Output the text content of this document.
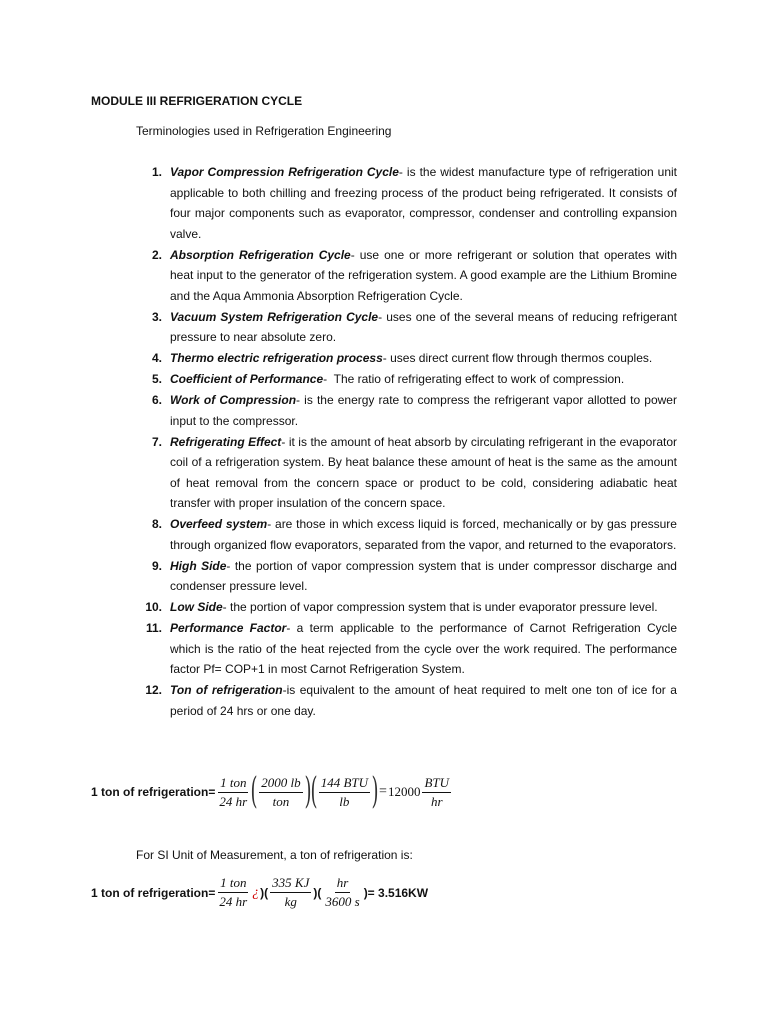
MODULE III REFRIGERATION CYCLE
Terminologies used in Refrigeration Engineering
1. Vapor Compression Refrigeration Cycle- is the widest manufacture type of refrigeration unit applicable to both chilling and freezing process of the product being refrigerated. It consists of four major components such as evaporator, compressor, condenser and controlling expansion valve.
2. Absorption Refrigeration Cycle- use one or more refrigerant or solution that operates with heat input to the generator of the refrigeration system. A good example are the Lithium Bromine and the Aqua Ammonia Absorption Refrigeration Cycle.
3. Vacuum System Refrigeration Cycle- uses one of the several means of reducing refrigerant pressure to near absolute zero.
4. Thermo electric refrigeration process- uses direct current flow through thermos couples.
5. Coefficient of Performance-  The ratio of refrigerating effect to work of compression.
6. Work of Compression- is the energy rate to compress the refrigerant vapor allotted to power input to the compressor.
7. Refrigerating Effect- it is the amount of heat absorb by circulating refrigerant in the evaporator coil of a refrigeration system. By heat balance these amount of heat is the same as the amount of heat removal from the concern space or product to be cold, considering adiabatic heat transfer with proper insulation of the concern space.
8. Overfeed system- are those in which excess liquid is forced, mechanically or by gas pressure through organized flow evaporators, separated from the vapor, and returned to the evaporators.
9. High Side- the portion of vapor compression system that is under compressor discharge and condenser pressure level.
10. Low Side- the portion of vapor compression system that is under evaporator pressure level.
11. Performance Factor- a term applicable to the performance of Carnot Refrigeration Cycle which is the ratio of the heat rejected from the cycle over the work required. The performance factor Pf= COP+1 in most Carnot Refrigeration System.
12. Ton of refrigeration-is equivalent to the amount of heat required to melt one ton of ice for a period of 24 hrs or one day.
1 ton of refrigeration= $\frac{\text{1 ton}}{24 hr}$ ( $\frac{2000 lb}{\text{ton}}$ ) ( $\frac{\text{144 BTU}}{lb}$ ) = $12000 \frac{\text{BTU}}{hr}$
For SI Unit of Measurement, a ton of refrigeration is:
1 ton of refrigeration= $\frac{\text{1 ton}}{24 hr}$ ¿ )( $\frac{335 KJ}{kg}$ )( $\frac{hr}{3600 s}$ )= 3.516KW
